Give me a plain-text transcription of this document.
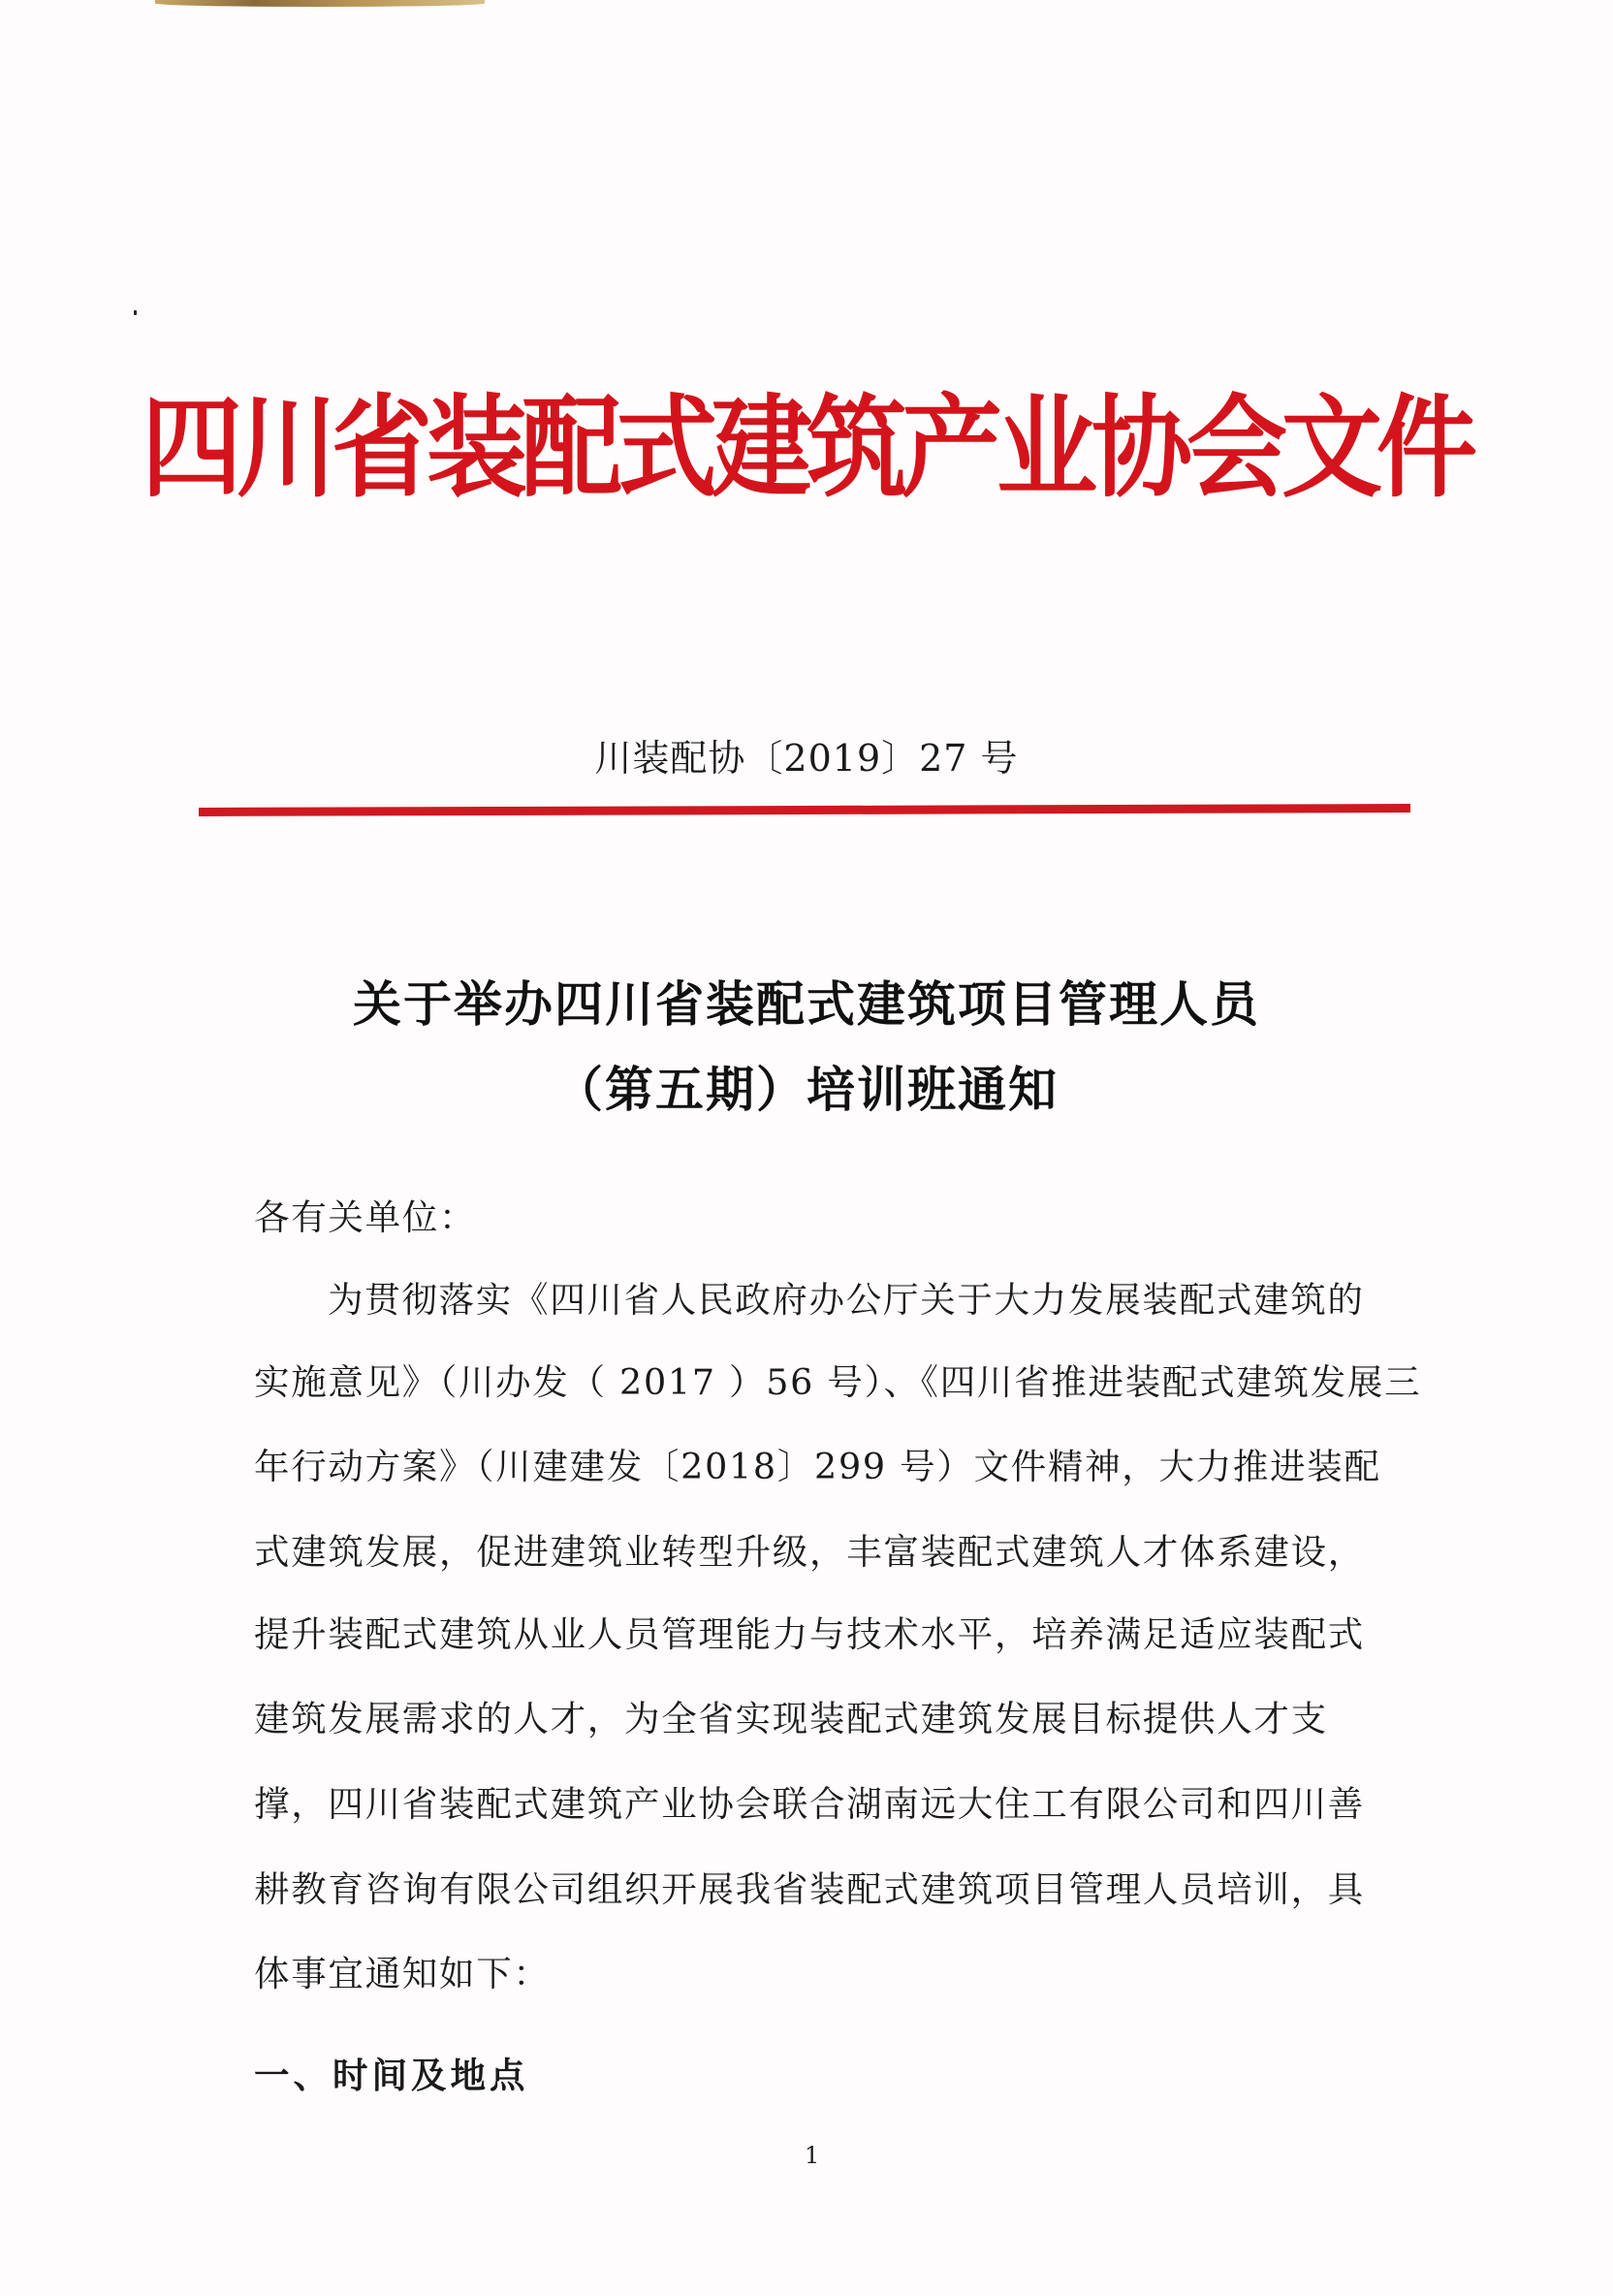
四川省装配式建筑产业协会文件
川装配协〔2019〕27 号
关于举办四川省装配式建筑项目管理人员
（第五期）培训班通知
各有关单位：
为贯彻落实《四川省人民政府办公厅关于大力发展装配式建筑的
实施意见》（川办发（ 2017 ）56 号）、《四川省推进装配式建筑发展三
年行动方案》（川建建发〔2018〕299 号）文件精神，大力推进装配
式建筑发展，促进建筑业转型升级，丰富装配式建筑人才体系建设，
提升装配式建筑从业人员管理能力与技术水平，培养满足适应装配式
建筑发展需求的人才，为全省实现装配式建筑发展目标提供人才支
撑，四川省装配式建筑产业协会联合湖南远大住工有限公司和四川善
耕教育咨询有限公司组织开展我省装配式建筑项目管理人员培训，具
体事宜通知如下：
一、时间及地点
1
